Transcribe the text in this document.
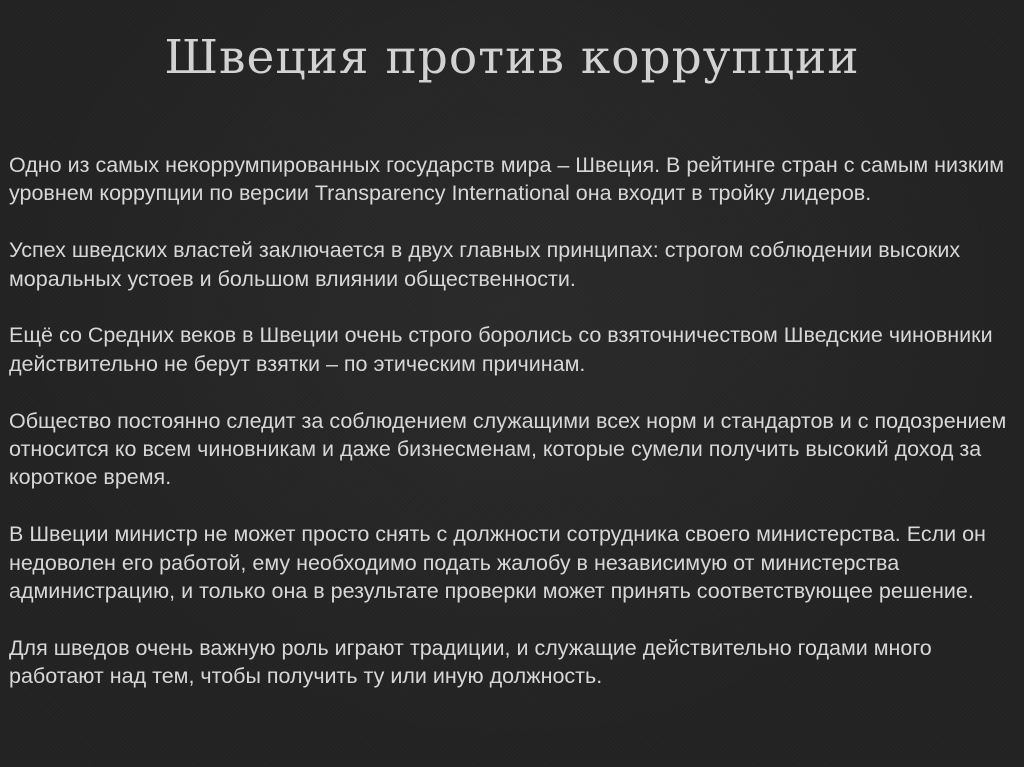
Швеция против коррупции

Одно из самых некоррумпированных государств мира – Швеция. В рейтинге стран с самым низким уровнем коррупции по версии Transparency International она входит в тройку лидеров.

Успех шведских властей заключается в двух главных принципах: строгом соблюдении высоких моральных устоев и большом влиянии общественности.

Ещё со Средних веков в Швеции очень строго боролись со взяточничеством Шведские чиновники действительно не берут взятки – по этическим причинам.

Общество постоянно следит за соблюдением служащими всех норм и стандартов и с подозрением относится ко всем чиновникам и даже бизнесменам, которые сумели получить высокий доход за короткое время.

В Швеции министр не может просто снять с должности сотрудника своего министерства. Если он недоволен его работой, ему необходимо подать жалобу в независимую от министерства администрацию, и только она в результате проверки может принять соответствующее решение.

Для шведов очень важную роль играют традиции, и служащие действительно годами много работают над тем, чтобы получить ту или иную должность.
